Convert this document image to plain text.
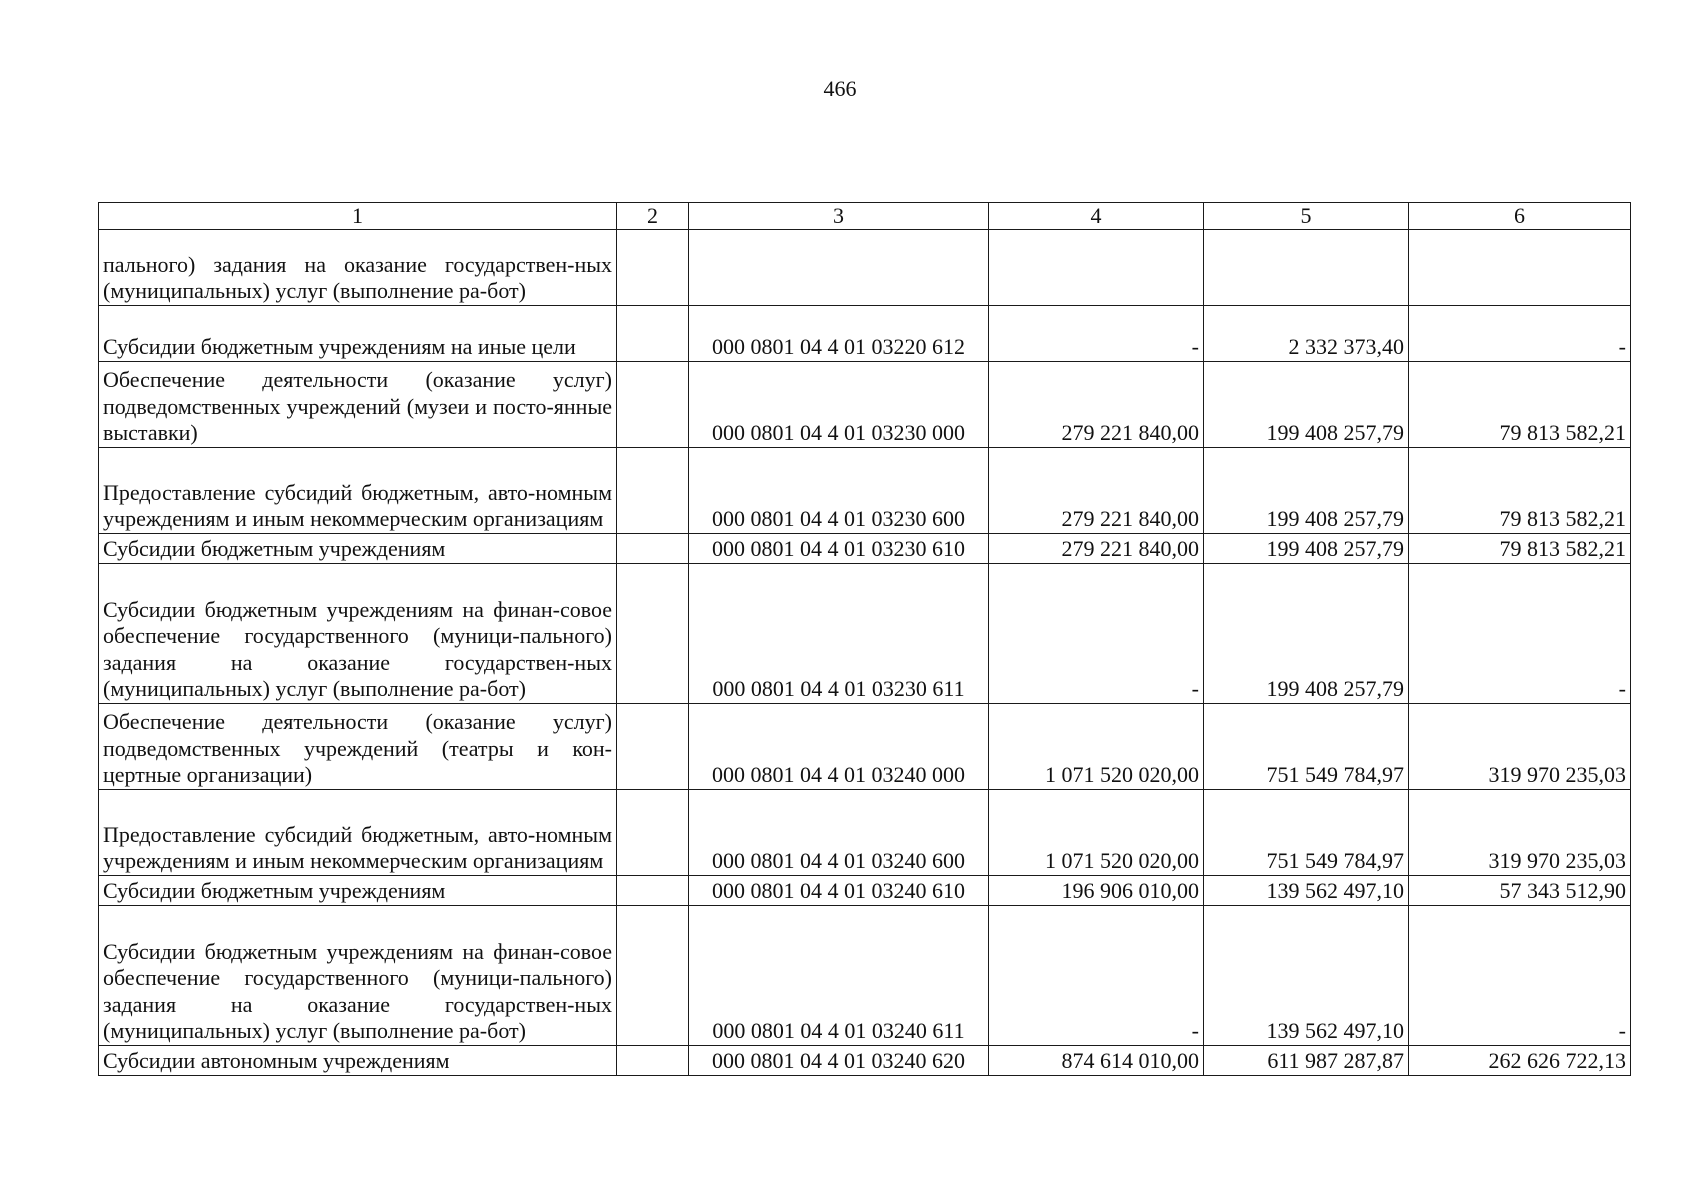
466
1	2	3	4	5	6
пального) задания на оказание государствен-ных (муниципальных) услуг (выполнение ра-бот)					
Субсидии бюджетным учреждениям на иные цели		000 0801 04 4 01 03220 612	-	2 332 373,40	-
Обеспечение деятельности (оказание услуг) подведомственных учреждений (музеи и посто-янные выставки)		000 0801 04 4 01 03230 000	279 221 840,00	199 408 257,79	79 813 582,21
Предоставление субсидий бюджетным, авто-номным учреждениям и иным некоммерческим организациям		000 0801 04 4 01 03230 600	279 221 840,00	199 408 257,79	79 813 582,21
Субсидии бюджетным учреждениям		000 0801 04 4 01 03230 610	279 221 840,00	199 408 257,79	79 813 582,21
Субсидии бюджетным учреждениям на финан-совое обеспечение государственного (муници-пального) задания на оказание государствен-ных (муниципальных) услуг (выполнение ра-бот)		000 0801 04 4 01 03230 611	-	199 408 257,79	-
Обеспечение деятельности (оказание услуг) подведомственных учреждений (театры и кон-цертные организации)		000 0801 04 4 01 03240 000	1 071 520 020,00	751 549 784,97	319 970 235,03
Предоставление субсидий бюджетным, авто-номным учреждениям и иным некоммерческим организациям		000 0801 04 4 01 03240 600	1 071 520 020,00	751 549 784,97	319 970 235,03
Субсидии бюджетным учреждениям		000 0801 04 4 01 03240 610	196 906 010,00	139 562 497,10	57 343 512,90
Субсидии бюджетным учреждениям на финан-совое обеспечение государственного (муници-пального) задания на оказание государствен-ных (муниципальных) услуг (выполнение ра-бот)		000 0801 04 4 01 03240 611	-	139 562 497,10	-
Субсидии автономным учреждениям		000 0801 04 4 01 03240 620	874 614 010,00	611 987 287,87	262 626 722,13
